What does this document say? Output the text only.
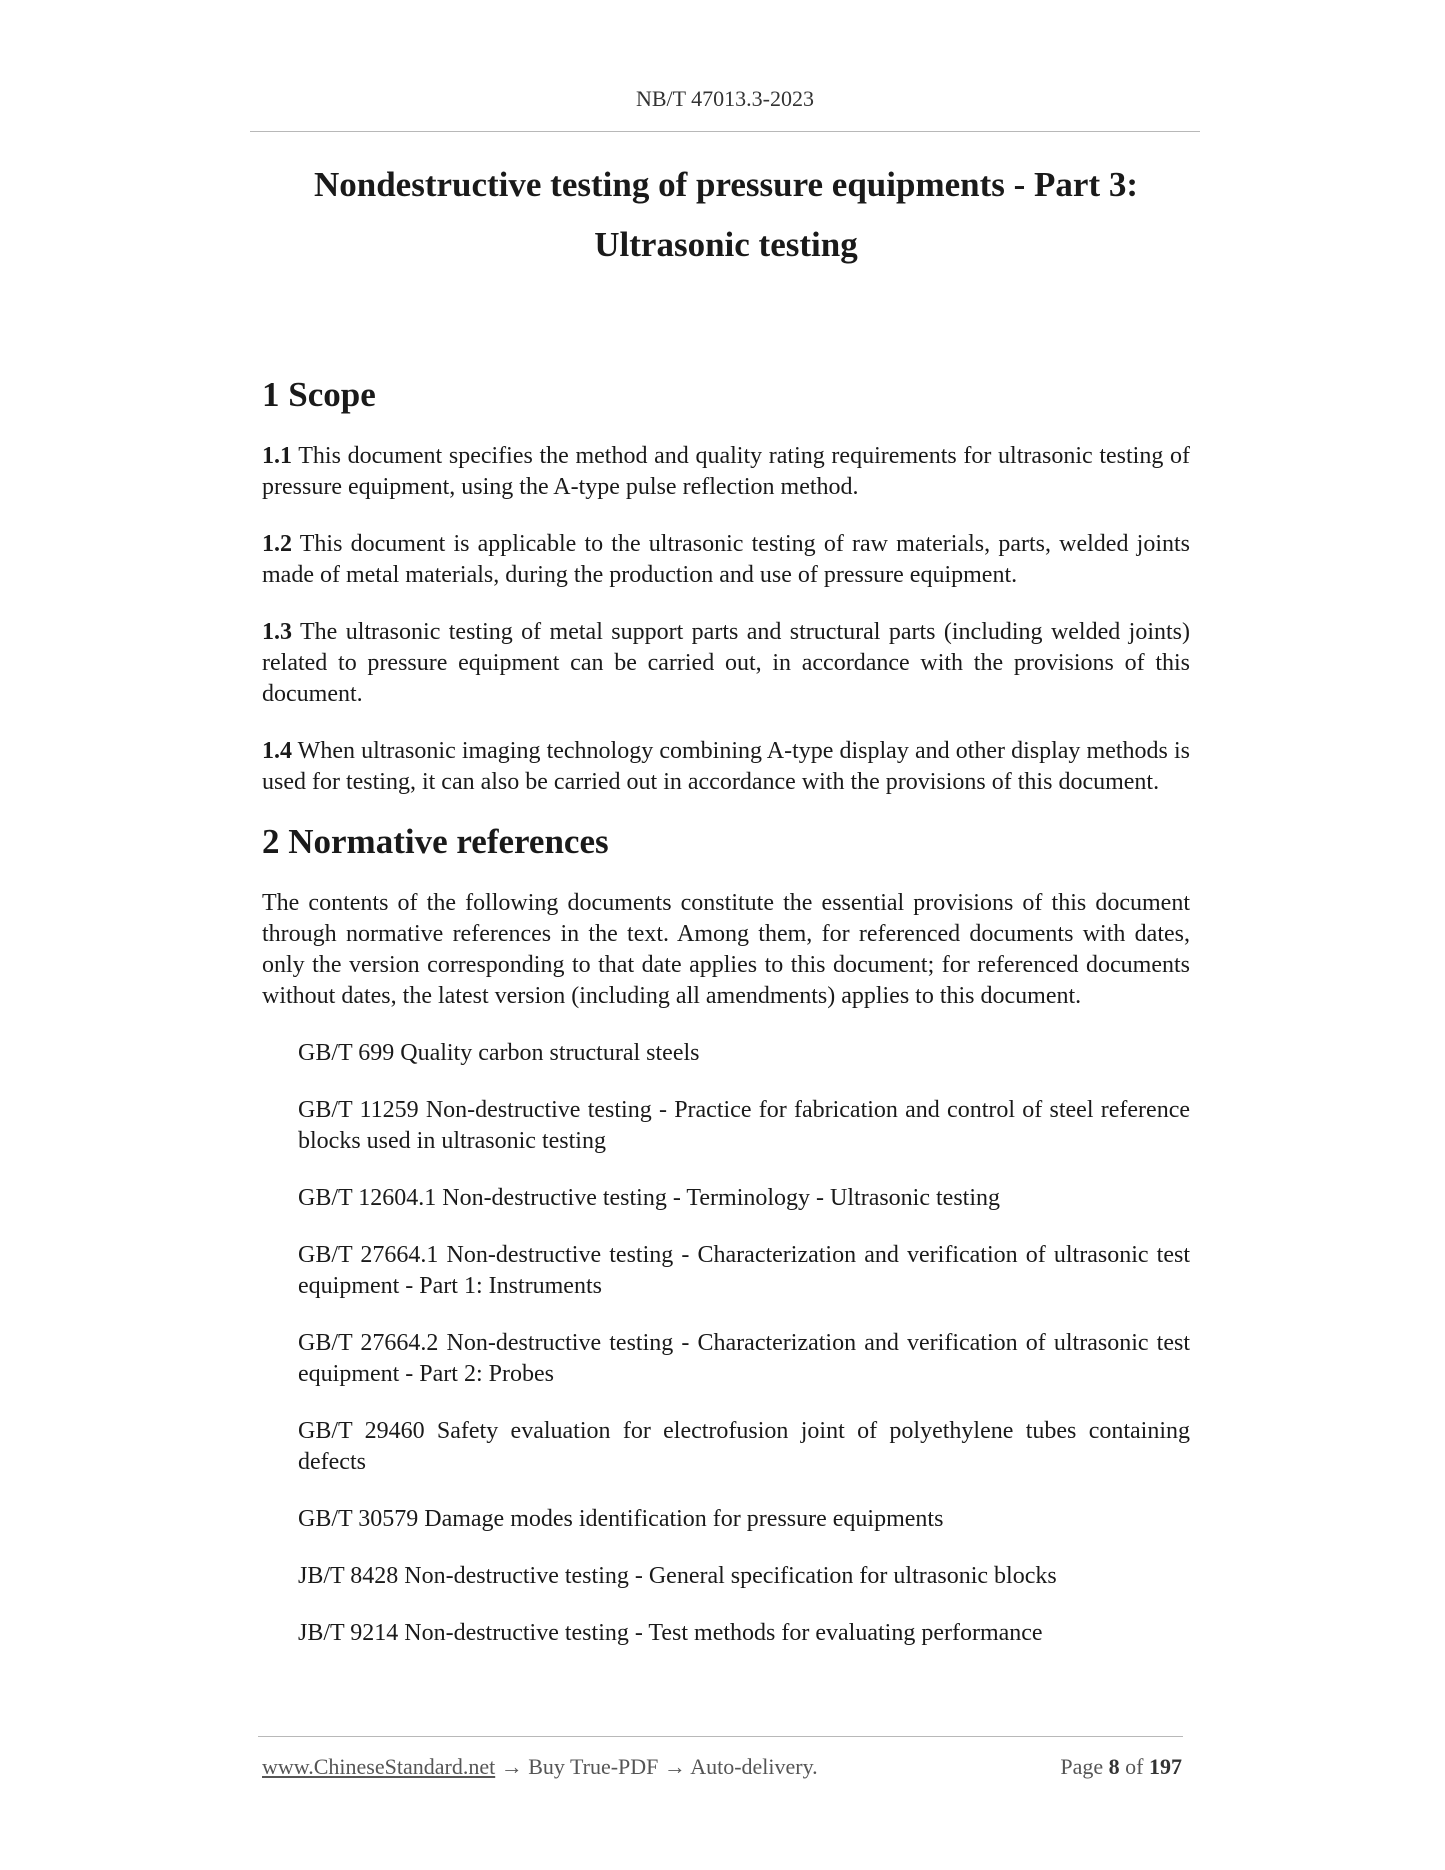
NB/T 47013.3-2023
Nondestructive testing of pressure equipments - Part 3:
Ultrasonic testing
1 Scope

1.1 This document specifies the method and quality rating requirements for ultrasonic testing of pressure equipment, using the A-type pulse reflection method.

1.2 This document is applicable to the ultrasonic testing of raw materials, parts, welded joints made of metal materials, during the production and use of pressure equipment.

1.3 The ultrasonic testing of metal support parts and structural parts (including welded joints) related to pressure equipment can be carried out, in accordance with the provisions of this document.

1.4 When ultrasonic imaging technology combining A-type display and other display methods is used for testing, it can also be carried out in accordance with the provisions of this document.

2 Normative references

The contents of the following documents constitute the essential provisions of this document through normative references in the text. Among them, for referenced documents with dates, only the version corresponding to that date applies to this document; for referenced documents without dates, the latest version (including all amendments) applies to this document.

GB/T 699 Quality carbon structural steels
GB/T 11259 Non-destructive testing - Practice for fabrication and control of steel reference blocks used in ultrasonic testing
GB/T 12604.1 Non-destructive testing - Terminology - Ultrasonic testing
GB/T 27664.1 Non-destructive testing - Characterization and verification of ultrasonic test equipment - Part 1: Instruments
GB/T 27664.2 Non-destructive testing - Characterization and verification of ultrasonic test equipment - Part 2: Probes
GB/T 29460 Safety evaluation for electrofusion joint of polyethylene tubes containing defects
GB/T 30579 Damage modes identification for pressure equipments
JB/T 8428 Non-destructive testing - General specification for ultrasonic blocks
JB/T 9214 Non-destructive testing - Test methods for evaluating performance
www.ChineseStandard.net → Buy True-PDF → Auto-delivery.	Page 8 of 197
